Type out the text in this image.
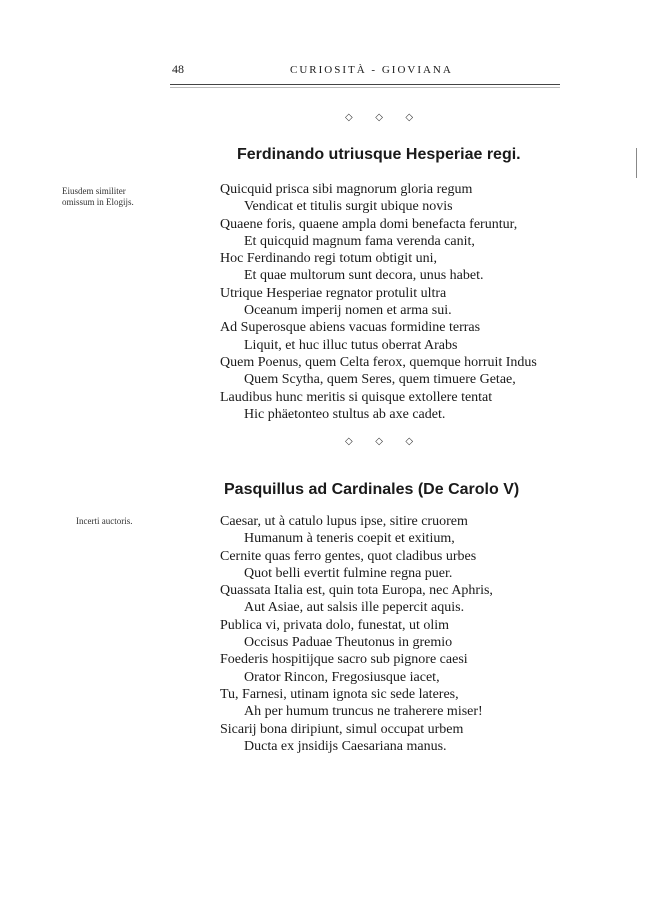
48	CURIOSITÀ - GIOVIANA
◇ ◇ ◇
Ferdinando utriusque Hesperiae regi.
Eiusdem similiter
omissum in Elogijs.
Quicquid prisca sibi magnorum gloria regum
Vendicat et titulis surgit ubique novis
Quaene foris, quaene ampla domi benefacta feruntur,
Et quicquid magnum fama verenda canit,
Hoc Ferdinando regi totum obtigit uni,
Et quae multorum sunt decora, unus habet.
Utrique Hesperiae regnator protulit ultra
Oceanum imperij nomen et arma sui.
Ad Superosque abiens vacuas formidine terras
Liquit, et huc illuc tutus oberrat Arabs
Quem Poenus, quem Celta ferox, quemque horruit Indus
Quem Scytha, quem Seres, quem timuere Getae,
Laudibus hunc meritis si quisque extollere tentat
Hic phäetonteo stultus ab axe cadet.
◇ ◇ ◇
Pasquillus ad Cardinales (De Carolo V)
Incerti auctoris.	Caesar, ut à catulo lupus ipse, sitire cruorem
Humanum à teneris coepit et exitium,
Cernite quas ferro gentes, quot cladibus urbes
Quot belli evertit fulmine regna puer.
Quassata Italia est, quin tota Europa, nec Aphris,
Aut Asiae, aut salsis ille pepercit aquis.
Publica vi, privata dolo, funestat, ut olim
Occisus Paduae Theutonus in gremio
Foederis hospitijque sacro sub pignore caesi
Orator Rincon, Fregosiusque iacet,
Tu, Farnesi, utinam ignota sic sede lateres,
Ah per humum truncus ne traherere miser!
Sicarij bona diripiunt, simul occupat urbem
Ducta ex jnsidijs Caesariana manus.
